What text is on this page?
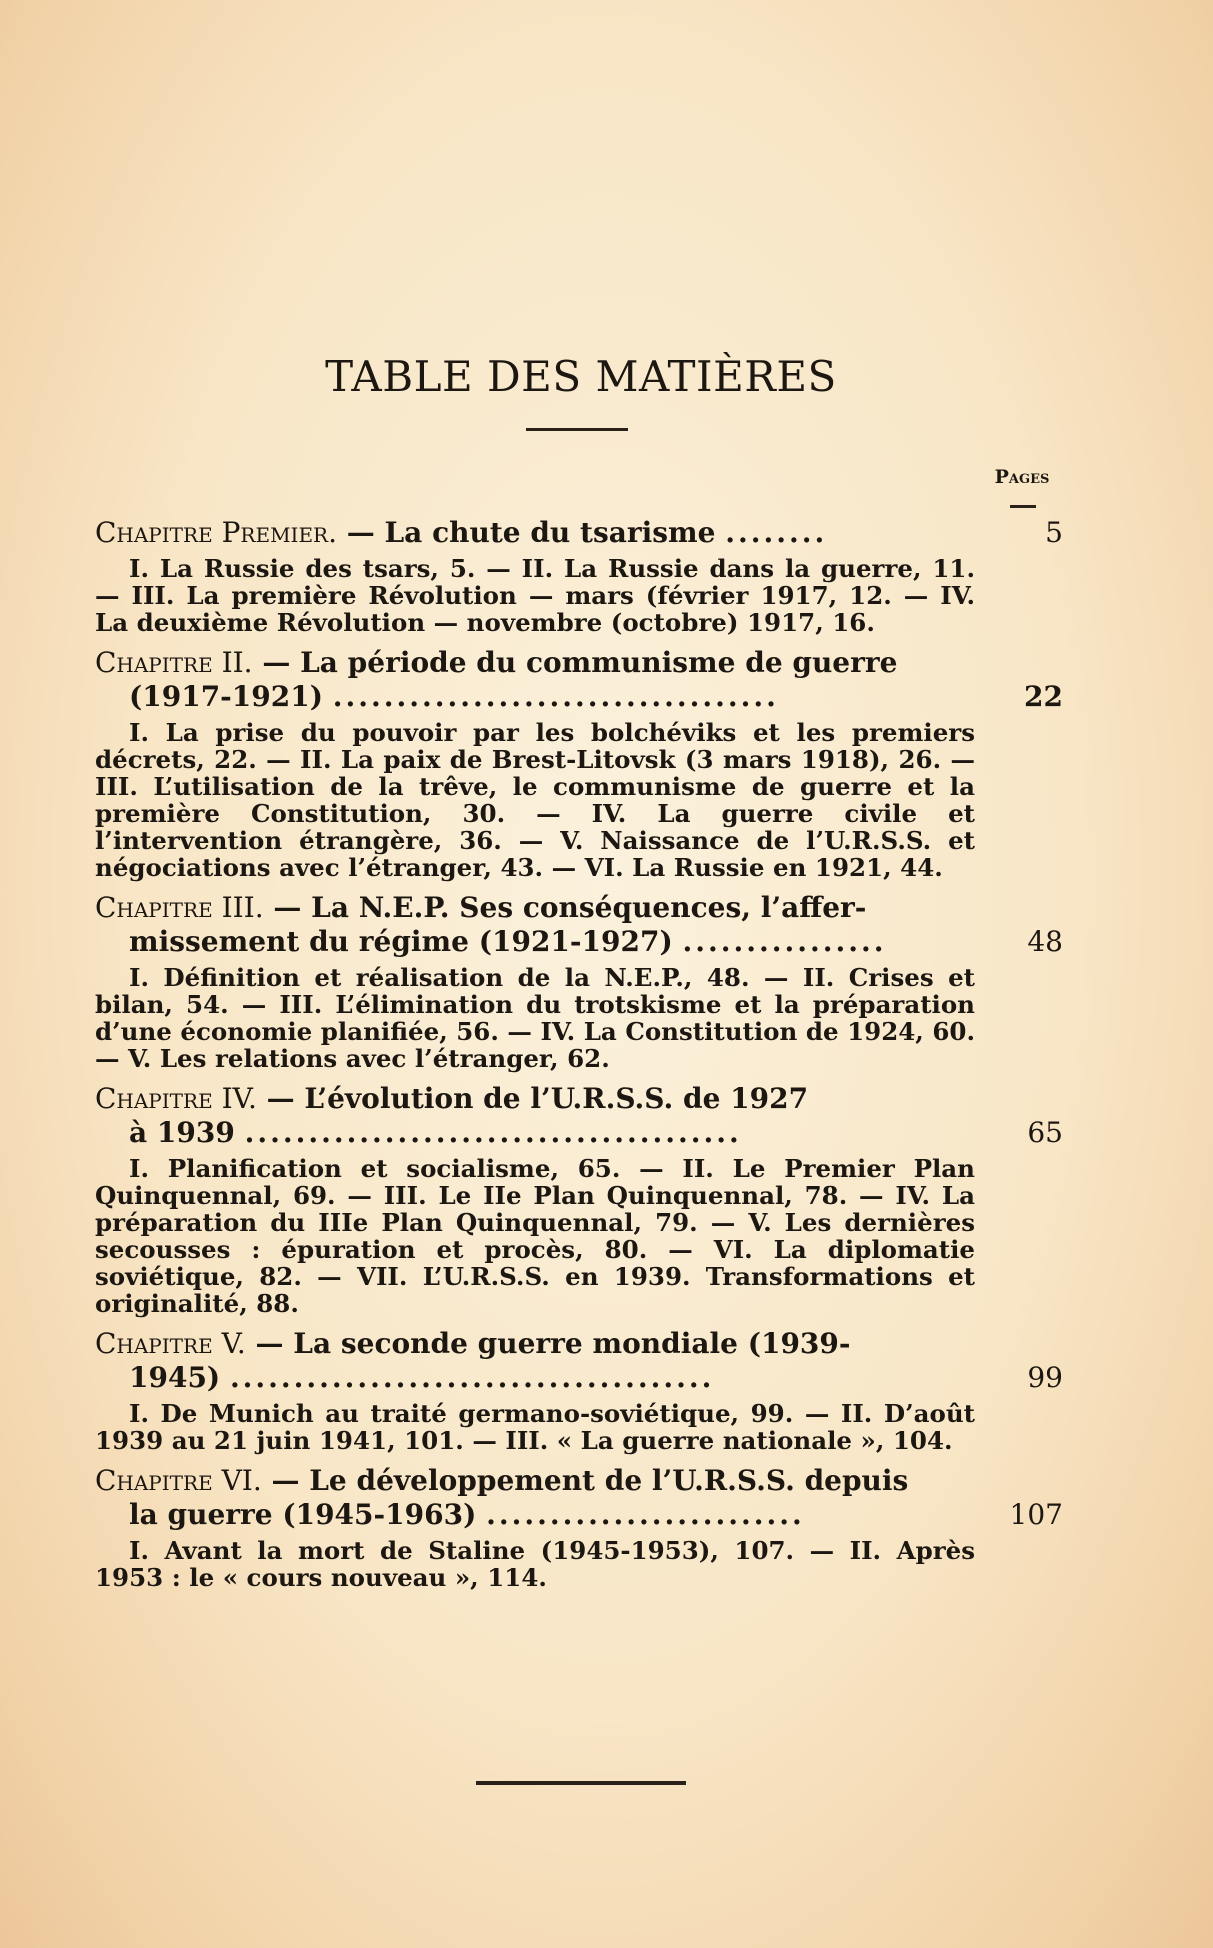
TABLE DES MATIÈRES
Pages
Chapitre Premier. — La chute du tsarisme ........	5
I. La Russie des tsars, 5. — II. La Russie dans la guerre, 11. — III. La première Révolution — mars (février 1917, 12. — IV. La deuxième Révolution — novembre (octobre) 1917, 16.
Chapitre II. — La période du communisme de guerre
(1917-1921) ...................................	22
I. La prise du pouvoir par les bolchéviks et les premiers décrets, 22. — II. La paix de Brest-Litovsk (3 mars 1918), 26. — III. L’utilisation de la trêve, le communisme de guerre et la première Constitution, 30. — IV. La guerre civile et l’intervention étrangère, 36. — V. Naissance de l’U.R.S.S. et négociations avec l’étranger, 43. — VI. La Russie en 1921, 44.
Chapitre III. — La N.E.P. Ses conséquences, l’affer-
missement du régime (1921-1927) ................	48
I. Définition et réalisation de la N.E.P., 48. — II. Crises et bilan, 54. — III. L’élimination du trotskisme et la préparation d’une économie planifiée, 56. — IV. La Constitution de 1924, 60. — V. Les relations avec l’étranger, 62.
Chapitre IV. — L’évolution de l’U.R.S.S. de 1927
à 1939 .......................................	65
I. Planification et socialisme, 65. — II. Le Premier Plan Quinquennal, 69. — III. Le IIe Plan Quinquennal, 78. — IV. La préparation du IIIe Plan Quinquennal, 79. — V. Les dernières secousses : épuration et procès, 80. — VI. La diplomatie soviétique, 82. — VII. L’U.R.S.S. en 1939. Transformations et originalité, 88.
Chapitre V. — La seconde guerre mondiale (1939-
1945) ......................................	99
I. De Munich au traité germano-soviétique, 99. — II. D’août 1939 au 21 juin 1941, 101. — III. « La guerre nationale », 104.
Chapitre VI. — Le développement de l’U.R.S.S. depuis
la guerre (1945-1963) .........................	107
I. Avant la mort de Staline (1945-1953), 107. — II. Après 1953 : le « cours nouveau », 114.
